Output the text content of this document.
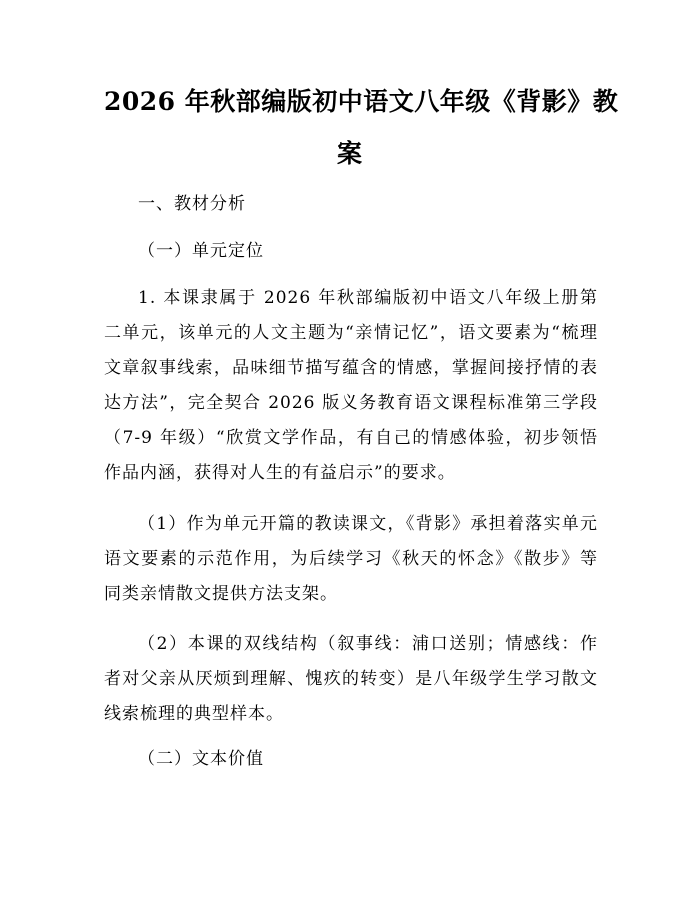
2026 年秋部编版初中语文八年级《背影》教
案
一、教材分析
（一）单元定位
1. 本课隶属于 2026 年秋部编版初中语文八年级上册第二单元，该单元的人文主题为“亲情记忆”，语文要素为“梳理文章叙事线索，品味细节描写蕴含的情感，掌握间接抒情的表达方法”，完全契合 2026 版义务教育语文课程标准第三学段（7-9 年级）“欣赏文学作品，有自己的情感体验，初步领悟作品内涵，获得对人生的有益启示”的要求。
（1）作为单元开篇的教读课文，《背影》承担着落实单元语文要素的示范作用，为后续学习《秋天的怀念》《散步》等同类亲情散文提供方法支架。
（2）本课的双线结构（叙事线：浦口送别；情感线：作者对父亲从厌烦到理解、愧疚的转变）是八年级学生学习散文线索梳理的典型样本。
（二）文本价值
